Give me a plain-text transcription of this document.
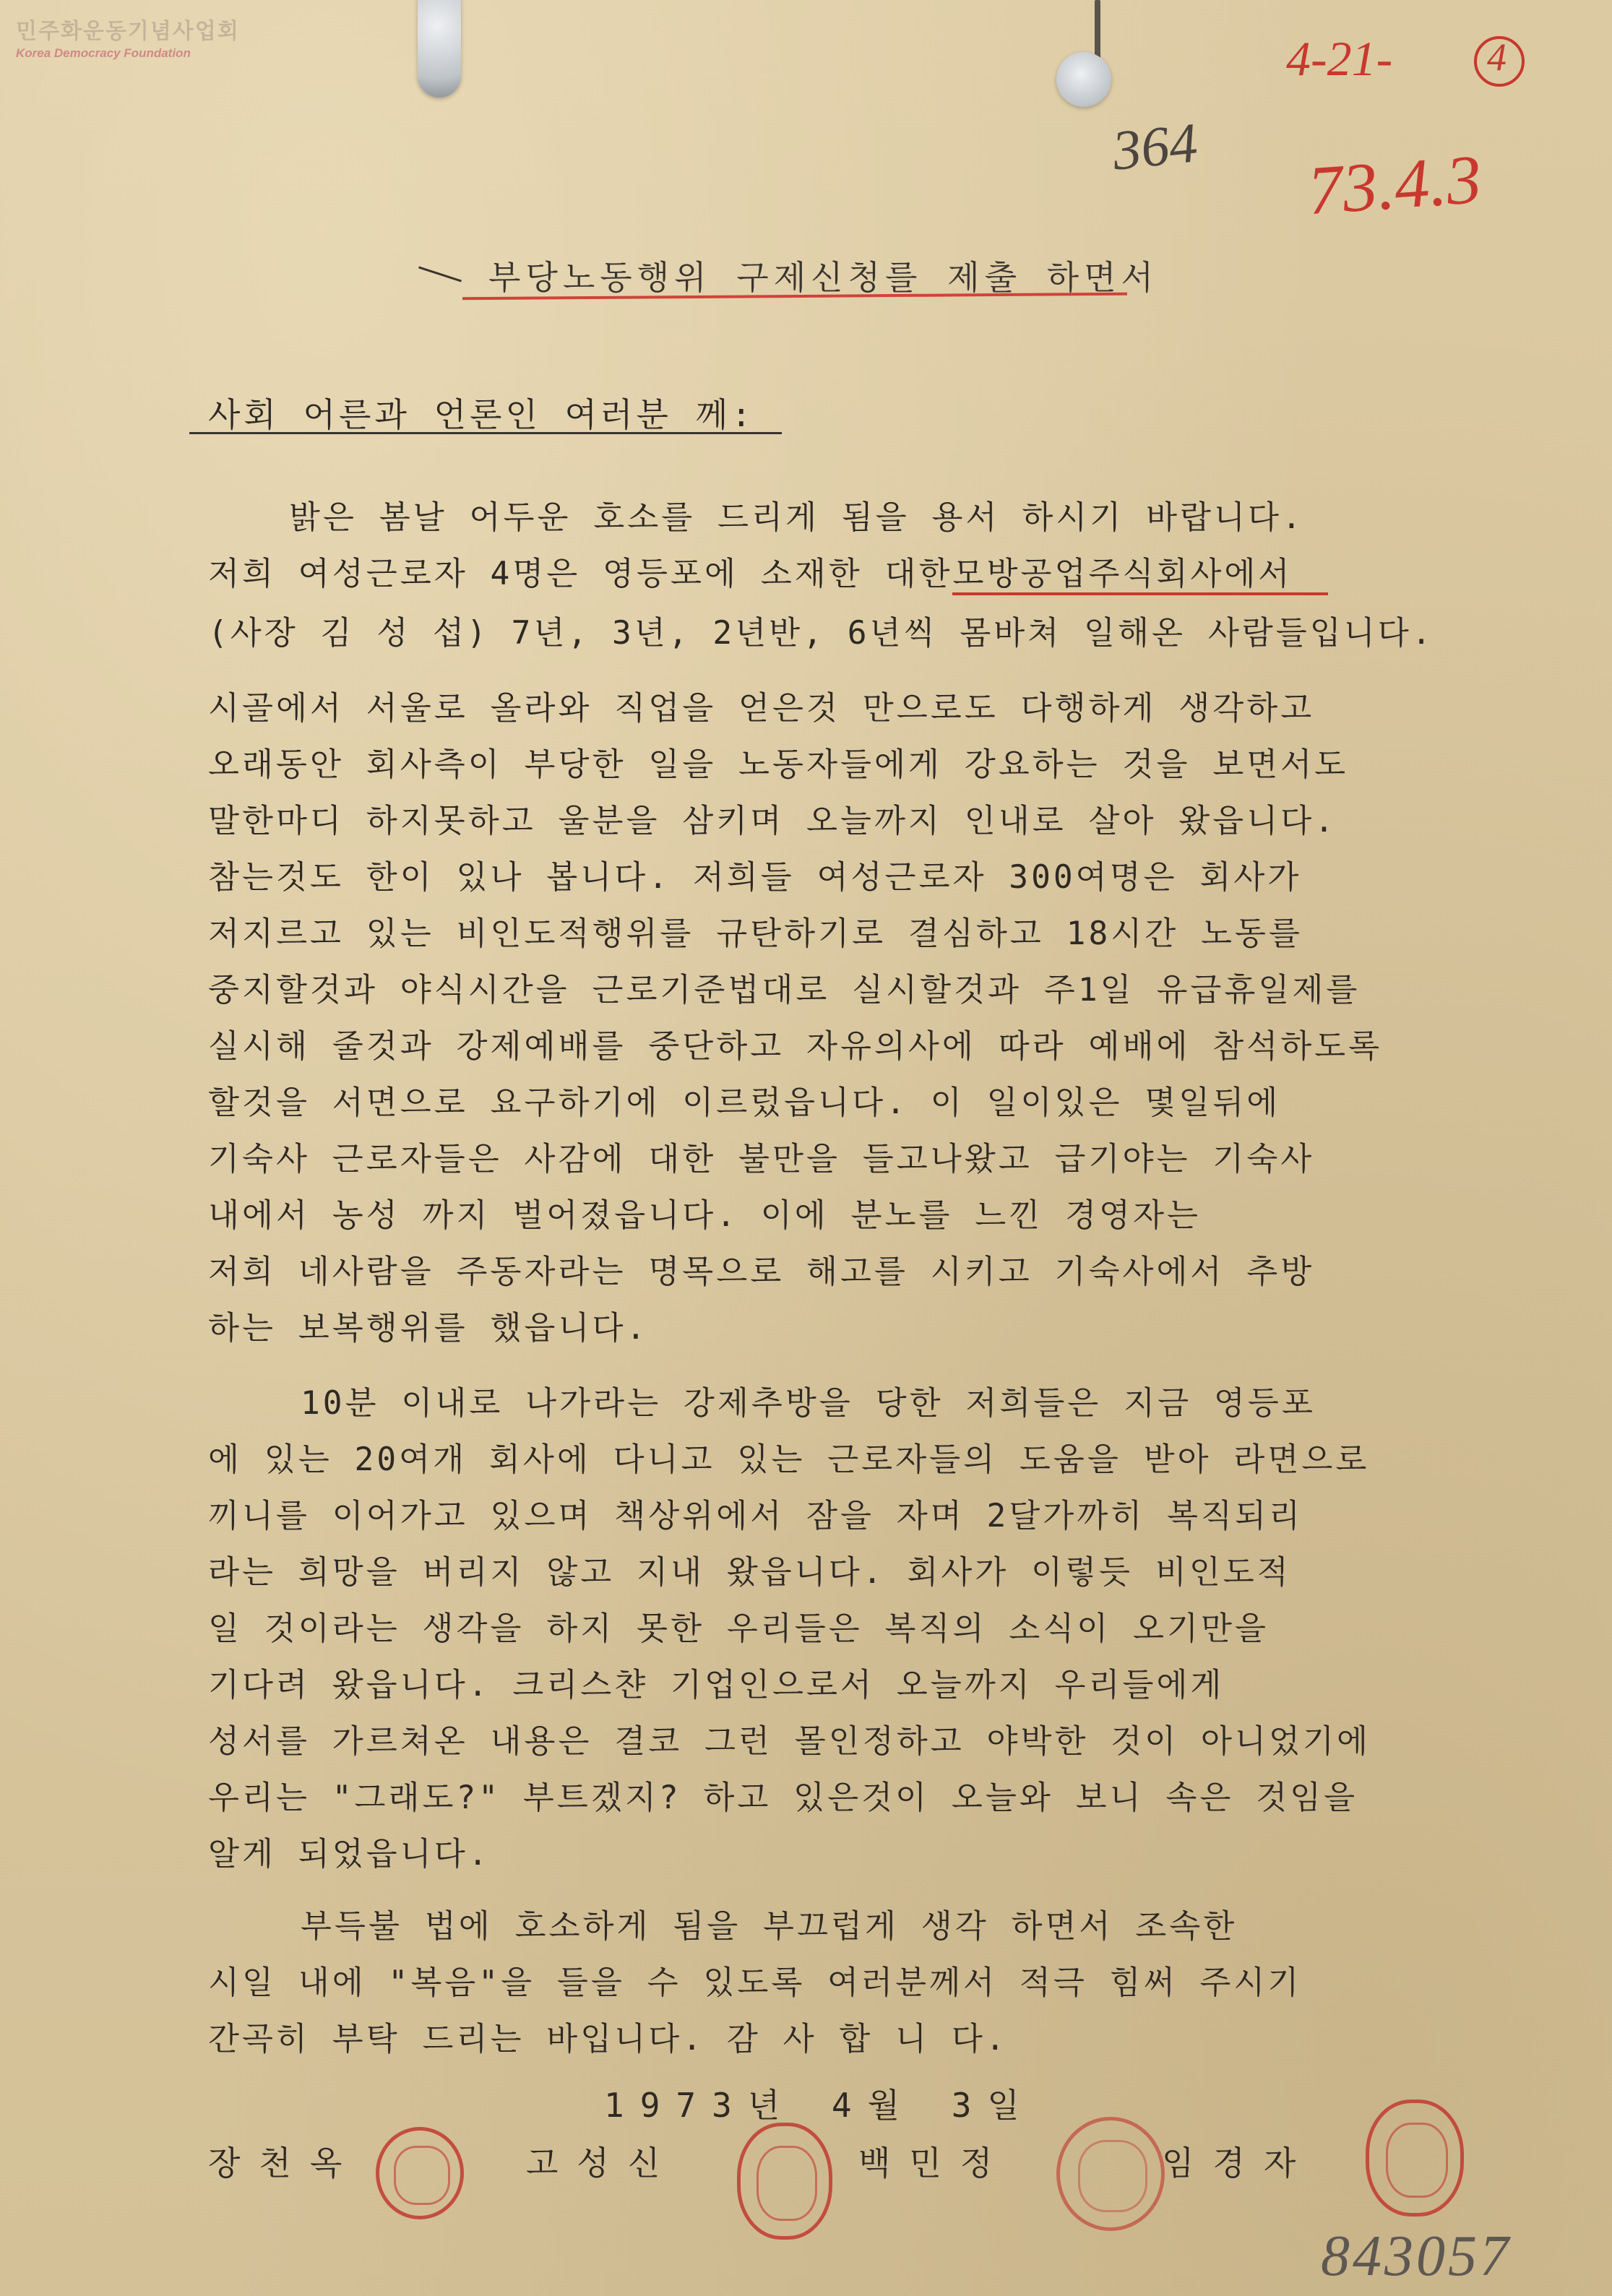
민주화운동기념사업회
Korea Democracy Foundation	4-21- 4
364 73.4.3
부당노동행위 구제신청를 제출 하면서
사회 어른과 언론인 여러분 께:
밝은 봄날 어두운 호소를 드리게 됨을 용서 하시기 바랍니다.
저희 여성근로자 4명은 영등포에 소재한 대한모방공업주식회사에서
(사장 김 성 섭) 7년, 3년, 2년반, 6년씩 몸바쳐 일해온 사람들입니다.
시골에서 서울로 올라와 직업을 얻은것 만으로도 다행하게 생각하고
오래동안 회사측이 부당한 일을 노동자들에게 강요하는 것을 보면서도
말한마디 하지못하고 울분을 삼키며 오늘까지 인내로 살아 왔읍니다.
참는것도 한이 있나 봅니다. 저희들 여성근로자 300여명은 회사가
저지르고 있는 비인도적행위를 규탄하기로 결심하고 18시간 노동를
중지할것과 야식시간을 근로기준법대로 실시할것과 주1일 유급휴일제를
실시해 줄것과 강제예배를 중단하고 자유의사에 따라 예배에 참석하도록
할것을 서면으로 요구하기에 이르렀읍니다. 이 일이있은 몇일뒤에
기숙사 근로자들은 사감에 대한 불만을 들고나왔고 급기야는 기숙사
내에서 농성 까지 벌어졌읍니다. 이에 분노를 느낀 경영자는
저희 네사람을 주동자라는 명목으로 해고를 시키고 기숙사에서 추방
하는 보복행위를 했읍니다.
10분 이내로 나가라는 강제추방을 당한 저희들은 지금 영등포
에 있는 20여개 회사에 다니고 있는 근로자들의 도움을 받아 라면으로
끼니를 이어가고 있으며 책상위에서 잠을 자며 2달가까히 복직되리
라는 희망을 버리지 않고 지내 왔읍니다. 회사가 이렇듯 비인도적
일 것이라는 생각을 하지 못한 우리들은 복직의 소식이 오기만을
기다려 왔읍니다. 크리스챤 기업인으로서 오늘까지 우리들에게
성서를 가르쳐온 내용은 결코 그런 몰인정하고 야박한 것이 아니었기에
우리는 "그래도?" 부트겠지? 하고 있은것이 오늘와 보니 속은 것임을
알게 되었읍니다.
부득불 법에 호소하게 됨을 부끄럽게 생각 하면서 조속한
시일 내에 "복음"을 들을 수 있도록 여러분께서 적극 힘써 주시기
간곡히 부탁 드리는 바입니다. 감 사 합 니 다.
1973년 4월 3일
장천옥	고성신	백민정	임경자
843057
